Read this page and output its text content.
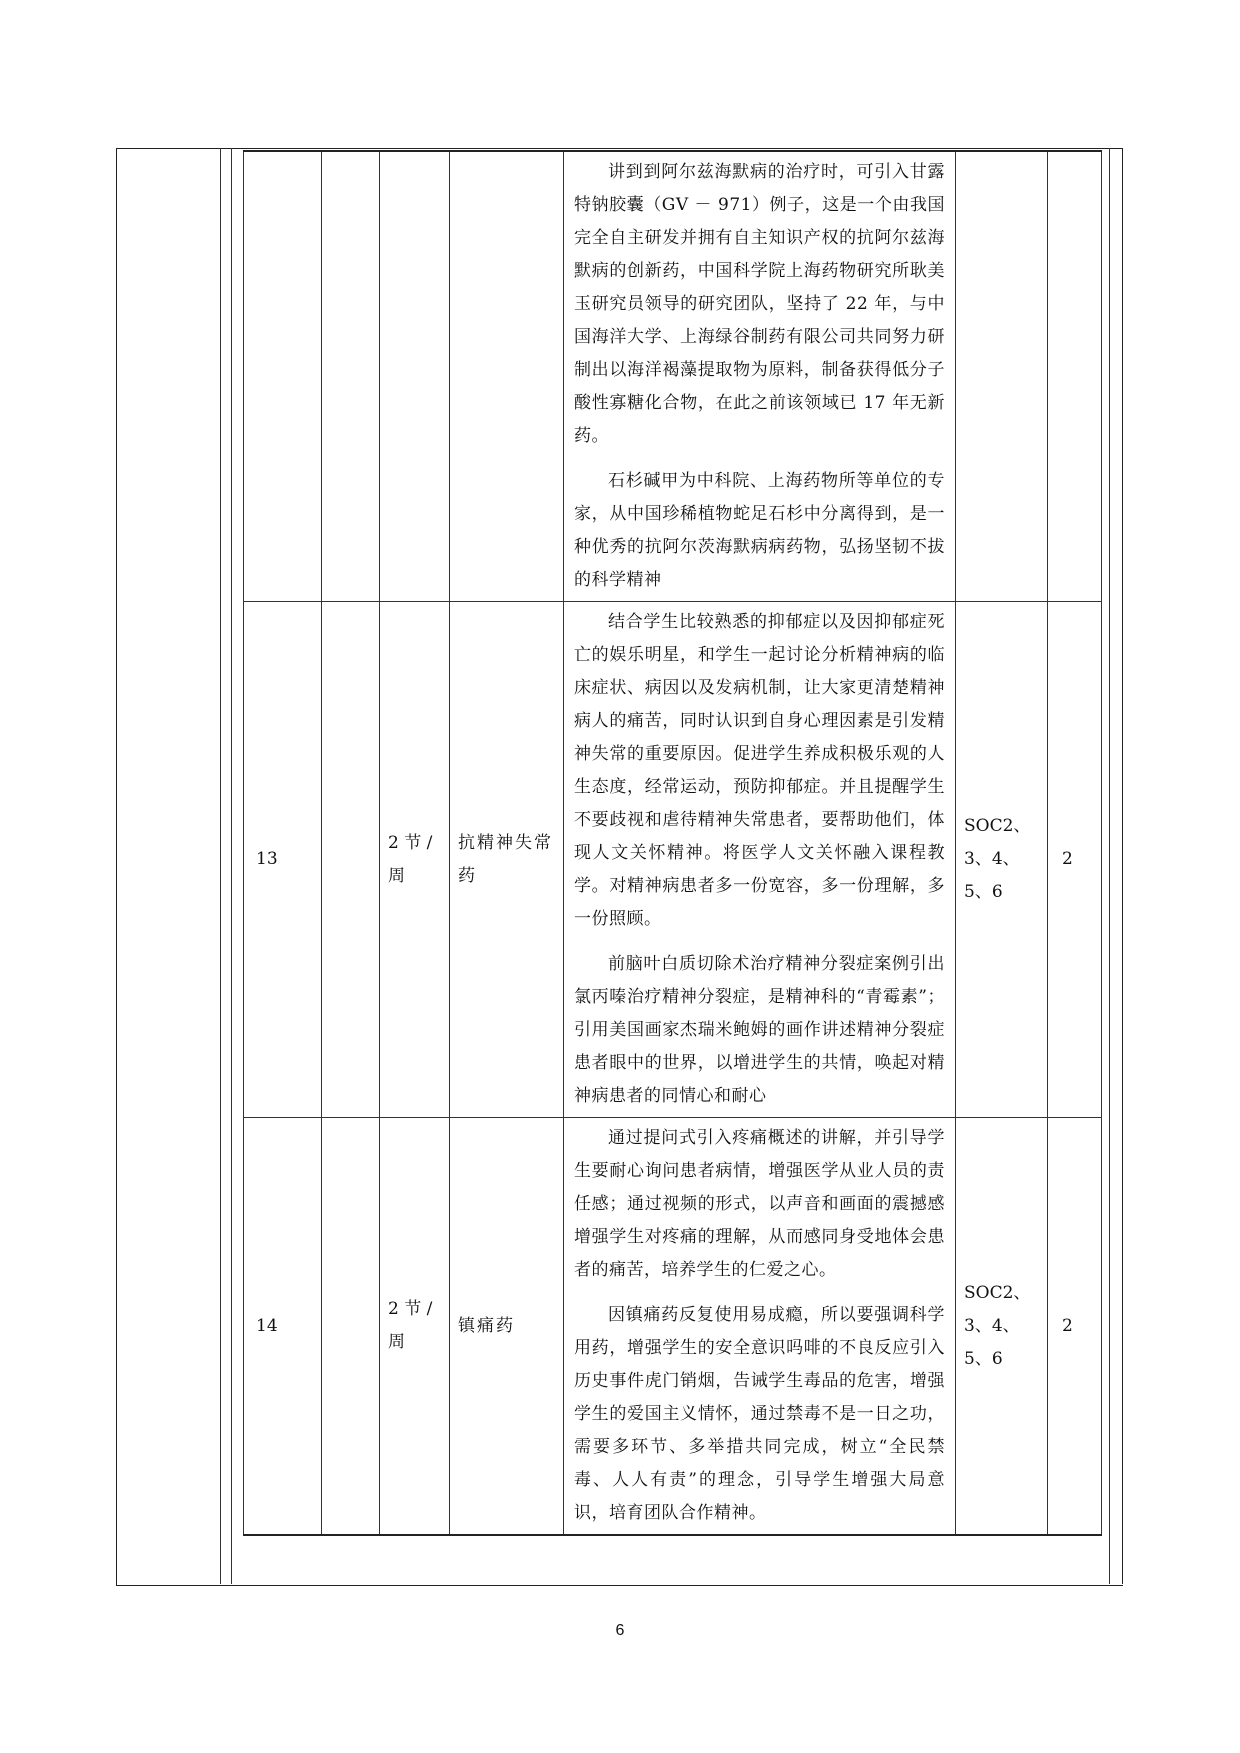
				讲到到阿尔兹海默病的治疗时，可引入甘露特钠胶囊（GV － 971）例子，这是一个由我国完全自主研发并拥有自主知识产权的抗阿尔兹海默病的创新药，中国科学院上海药物研究所耿美玉研究员领导的研究团队，坚持了 22 年，与中国海洋大学、上海绿谷制药有限公司共同努力研制出以海洋褐藻提取物为原料，制备获得低分子酸性寡糖化合物，在此之前该领域已 17 年无新药。

石杉碱甲为中科院、上海药物所等单位的专家，从中国珍稀植物蛇足石杉中分离得到，是一种优秀的抗阿尔茨海默病病药物，弘扬坚韧不拔的科学精神		

13		2 节 / 周	抗精神失常药	结合学生比较熟悉的抑郁症以及因抑郁症死亡的娱乐明星，和学生一起讨论分析精神病的临床症状、病因以及发病机制，让大家更清楚精神病人的痛苦，同时认识到自身心理因素是引发精神失常的重要原因。促进学生养成积极乐观的人生态度，经常运动，预防抑郁症。并且提醒学生不要歧视和虐待精神失常患者，要帮助他们，体现人文关怀精神。将医学人文关怀融入课程教学。对精神病患者多一份宽容，多一份理解，多一份照顾。

前脑叶白质切除术治疗精神分裂症案例引出氯丙嗪治疗精神分裂症，是精神科的“青霉素”；引用美国画家杰瑞米鲍姆的画作讲述精神分裂症患者眼中的世界，以增进学生的共情，唤起对精神病患者的同情心和耐心	SOC2、3、4、5、6	2
14		2 节 / 周	镇痛药	通过提问式引入疼痛概述的讲解，并引导学生要耐心询问患者病情，增强医学从业人员的责任感；通过视频的形式，以声音和画面的震撼感增强学生对疼痛的理解，从而感同身受地体会患者的痛苦，培养学生的仁爱之心。

因镇痛药反复使用易成瘾，所以要强调科学用药，增强学生的安全意识吗啡的不良反应引入历史事件虎门销烟，告诫学生毒品的危害，增强学生的爱国主义情怀，通过禁毒不是一日之功，需要多环节、多举措共同完成，树立“全民禁毒、人人有责”的理念，引导学生增强大局意识，培育团队合作精神。	SOC2、3、4、5、6	2
6
